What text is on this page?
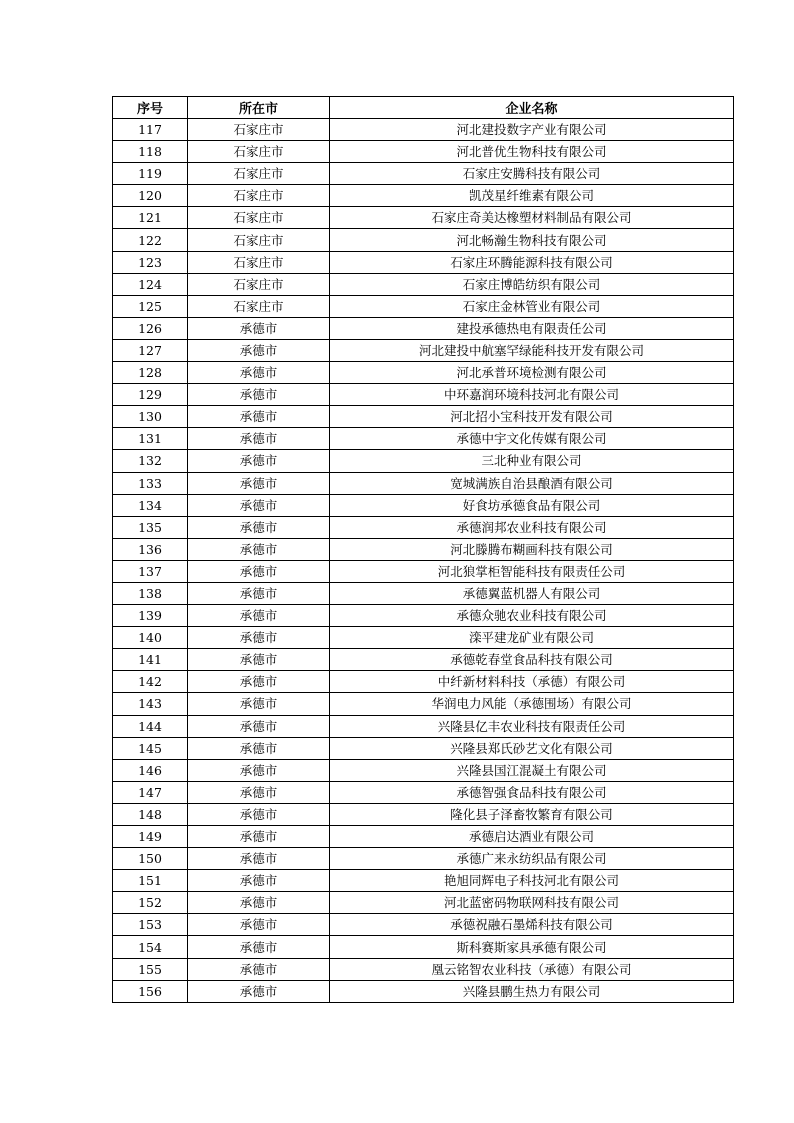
序号	所在市	企业名称
117	石家庄市	河北建投数字产业有限公司
118	石家庄市	河北普优生物科技有限公司
119	石家庄市	石家庄安腾科技有限公司
120	石家庄市	凯茂星纤维素有限公司
121	石家庄市	石家庄奇美达橡塑材料制品有限公司
122	石家庄市	河北畅瀚生物科技有限公司
123	石家庄市	石家庄环腾能源科技有限公司
124	石家庄市	石家庄博皓纺织有限公司
125	石家庄市	石家庄金林管业有限公司
126	承德市	建投承德热电有限责任公司
127	承德市	河北建投中航塞罕绿能科技开发有限公司
128	承德市	河北承普环境检测有限公司
129	承德市	中环嘉润环境科技河北有限公司
130	承德市	河北招小宝科技开发有限公司
131	承德市	承德中宇文化传媒有限公司
132	承德市	三北种业有限公司
133	承德市	宽城满族自治县酿酒有限公司
134	承德市	好食坊承德食品有限公司
135	承德市	承德润邦农业科技有限公司
136	承德市	河北滕腾布糊画科技有限公司
137	承德市	河北狼掌柜智能科技有限责任公司
138	承德市	承德翼蓝机器人有限公司
139	承德市	承德众驰农业科技有限公司
140	承德市	滦平建龙矿业有限公司
141	承德市	承德乾春堂食品科技有限公司
142	承德市	中纤新材料科技（承德）有限公司
143	承德市	华润电力风能（承德围场）有限公司
144	承德市	兴隆县亿丰农业科技有限责任公司
145	承德市	兴隆县郑氏砂艺文化有限公司
146	承德市	兴隆县国江混凝土有限公司
147	承德市	承德智强食品科技有限公司
148	承德市	隆化县子泽畜牧繁育有限公司
149	承德市	承德启达酒业有限公司
150	承德市	承德广来永纺织品有限公司
151	承德市	艳旭同辉电子科技河北有限公司
152	承德市	河北蓝密码物联网科技有限公司
153	承德市	承德祝融石墨烯科技有限公司
154	承德市	斯科赛斯家具承德有限公司
155	承德市	凰云铭智农业科技（承德）有限公司
156	承德市	兴隆县鹏生热力有限公司
